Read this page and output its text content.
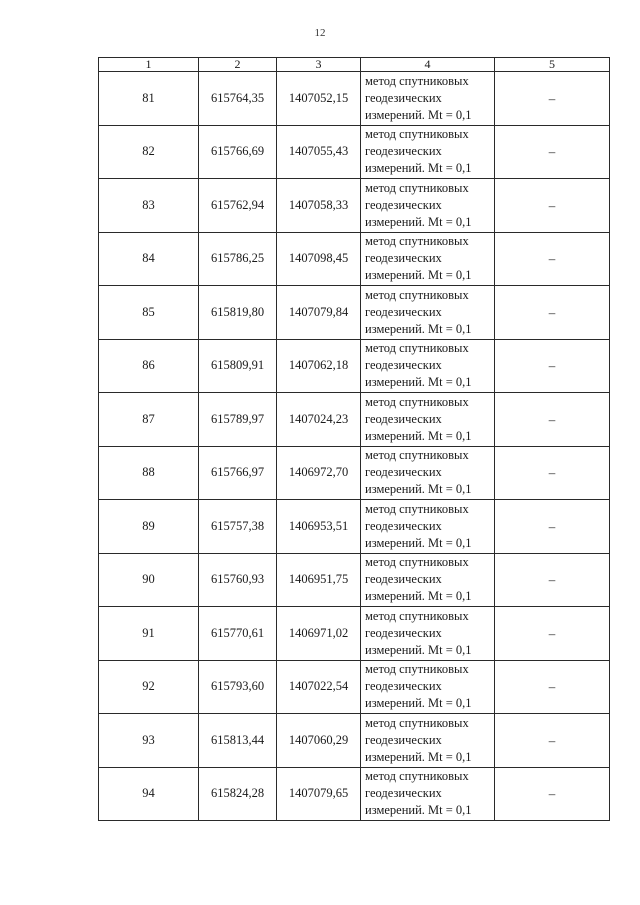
12
1	2	3	4	5
81	615764,35	1407052,15	метод спутниковых
геодезических
измерений. Mt = 0,1	–
82	615766,69	1407055,43	метод спутниковых
геодезических
измерений. Mt = 0,1	–
83	615762,94	1407058,33	метод спутниковых
геодезических
измерений. Mt = 0,1	–
84	615786,25	1407098,45	метод спутниковых
геодезических
измерений. Mt = 0,1	–
85	615819,80	1407079,84	метод спутниковых
геодезических
измерений. Mt = 0,1	–
86	615809,91	1407062,18	метод спутниковых
геодезических
измерений. Mt = 0,1	–
87	615789,97	1407024,23	метод спутниковых
геодезических
измерений. Mt = 0,1	–
88	615766,97	1406972,70	метод спутниковых
геодезических
измерений. Mt = 0,1	–
89	615757,38	1406953,51	метод спутниковых
геодезических
измерений. Mt = 0,1	–
90	615760,93	1406951,75	метод спутниковых
геодезических
измерений. Mt = 0,1	–
91	615770,61	1406971,02	метод спутниковых
геодезических
измерений. Mt = 0,1	–
92	615793,60	1407022,54	метод спутниковых
геодезических
измерений. Mt = 0,1	–
93	615813,44	1407060,29	метод спутниковых
геодезических
измерений. Mt = 0,1	–
94	615824,28	1407079,65	метод спутниковых
геодезических
измерений. Mt = 0,1	–
